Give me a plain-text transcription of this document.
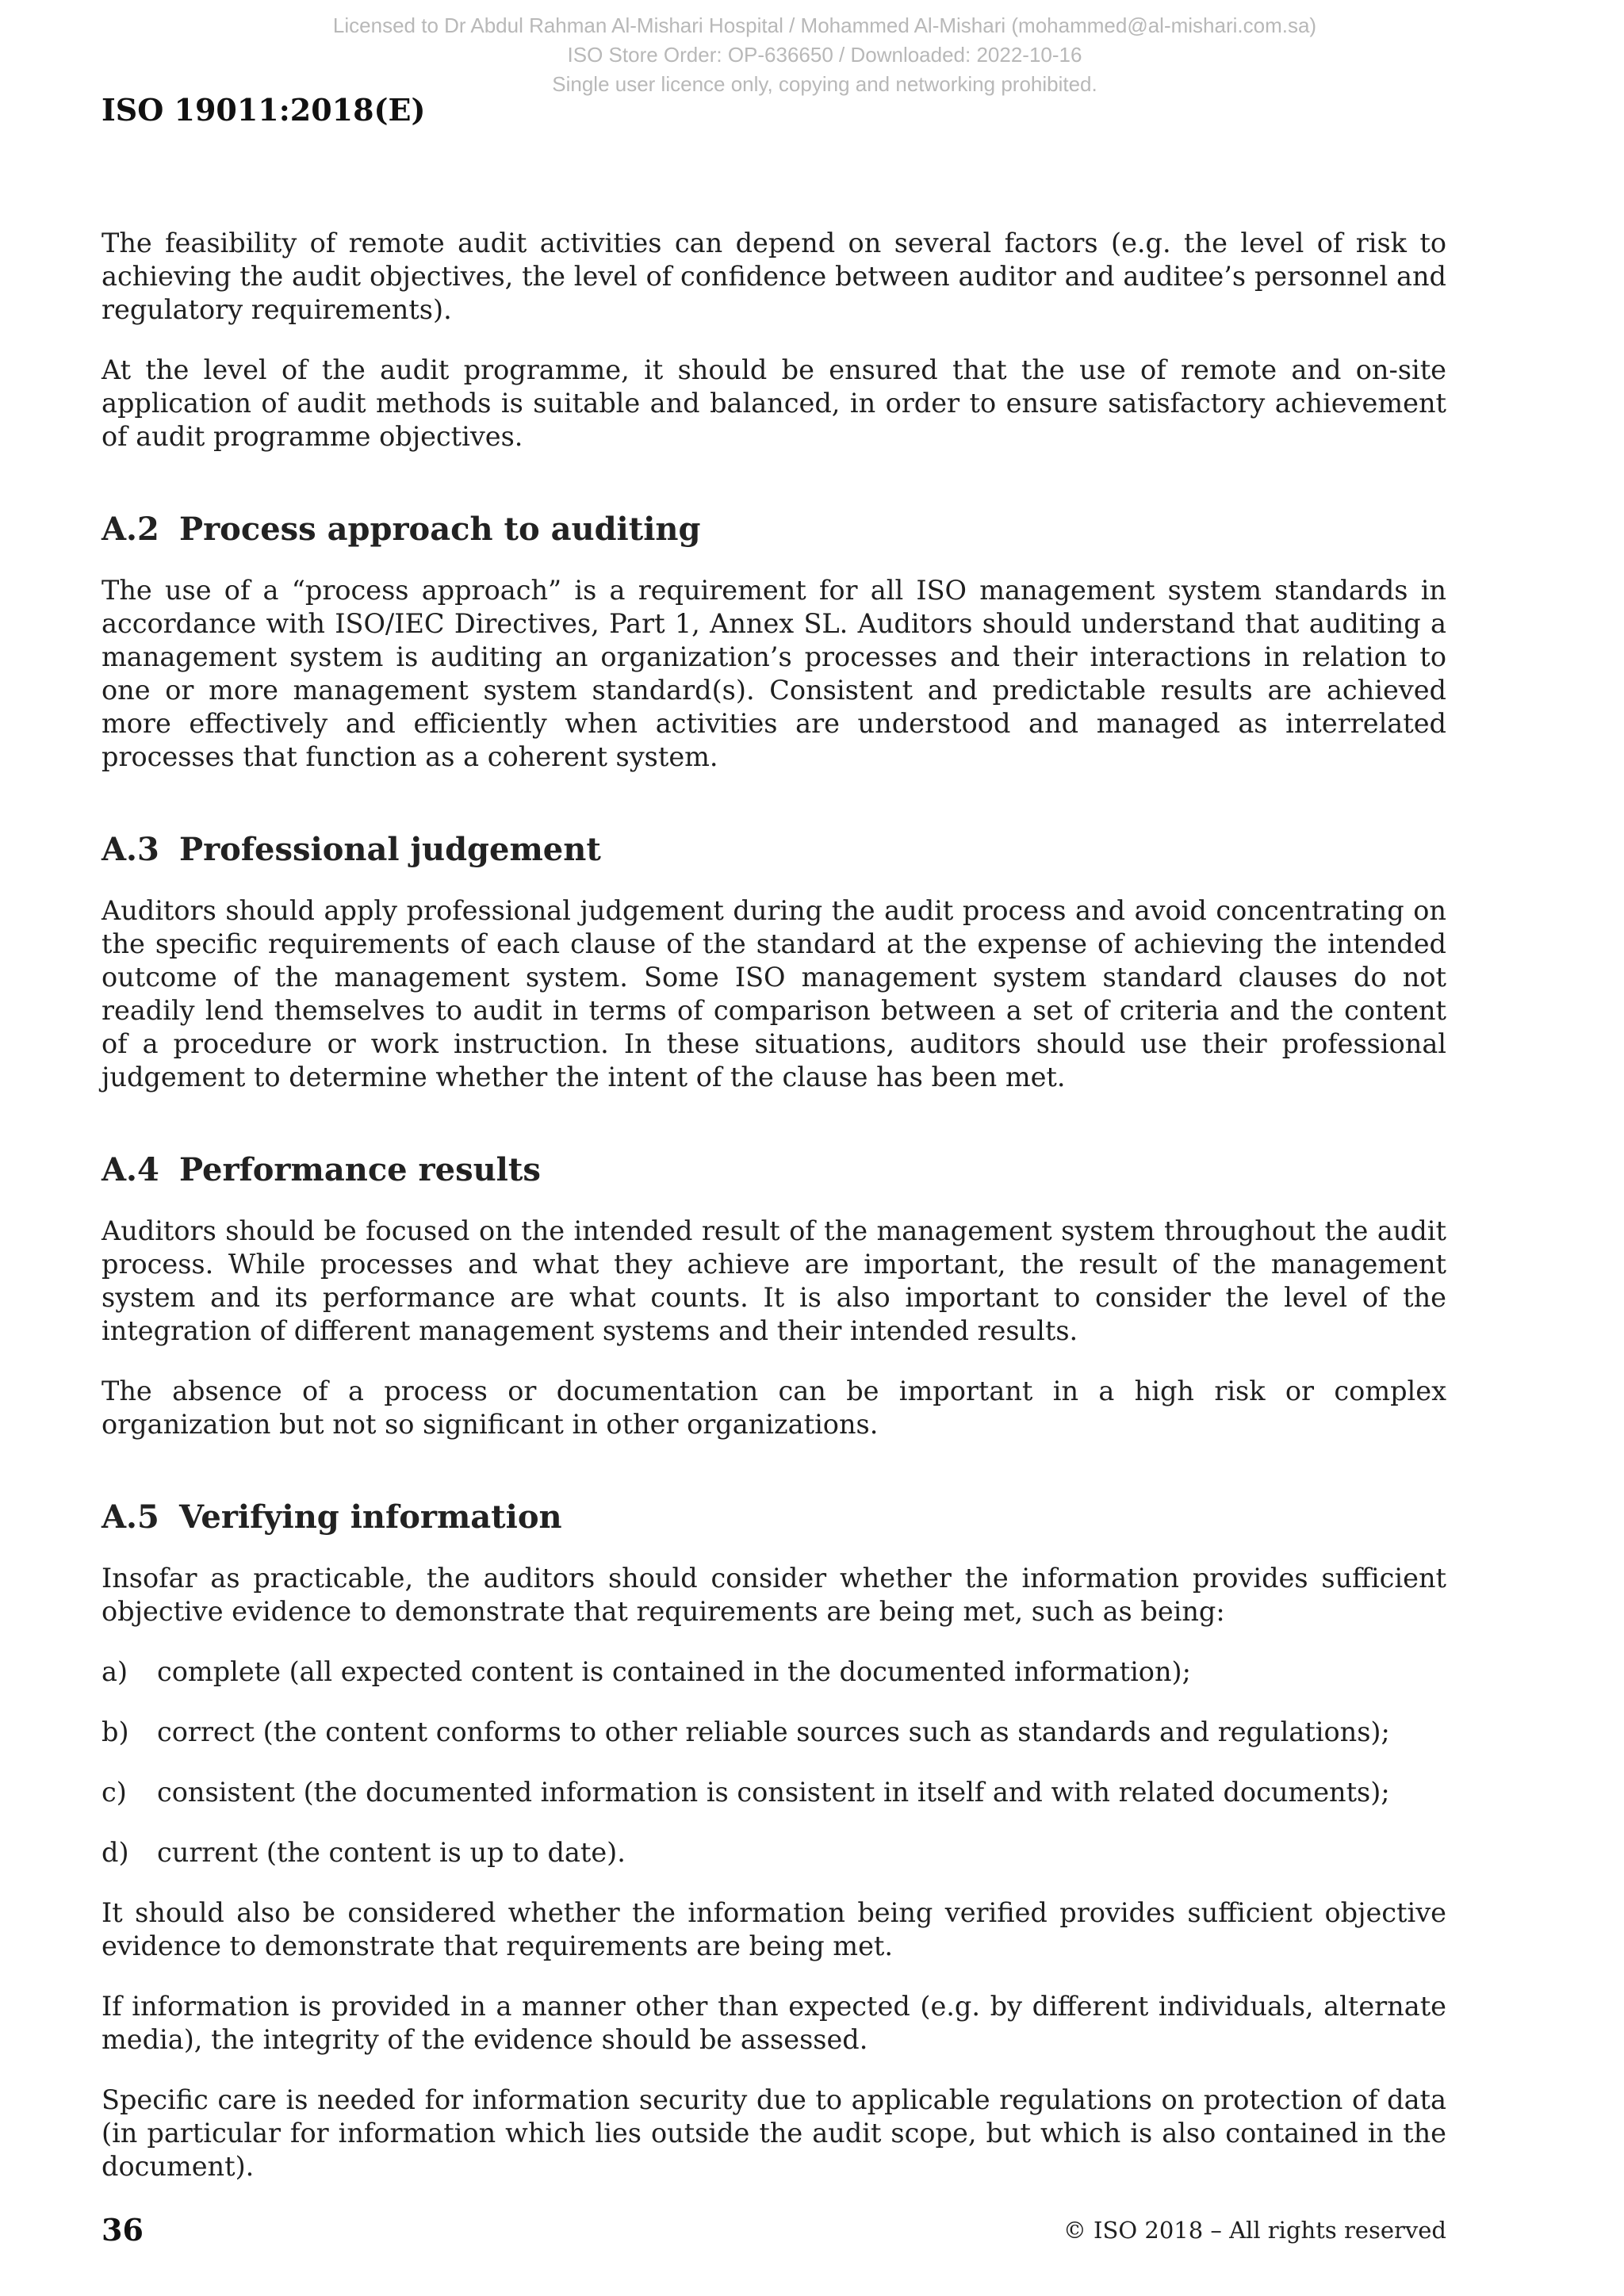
Licensed to Dr Abdul Rahman Al-Mishari Hospital / Mohammed Al-Mishari (mohammed@al-mishari.com.sa)
ISO Store Order: OP-636650 / Downloaded: 2022-10-16
Single user licence only, copying and networking prohibited.
ISO 19011:2018(E)

The feasibility of remote audit activities can depend on several factors (e.g. the level of risk to achieving the audit objectives, the level of confidence between auditor and auditee’s personnel and regulatory requirements).

At the level of the audit programme, it should be ensured that the use of remote and on-site application of audit methods is suitable and balanced, in order to ensure satisfactory achievement of audit programme objectives.

A.2 Process approach to auditing

The use of a “process approach” is a requirement for all ISO management system standards in accordance with ISO/IEC Directives, Part 1, Annex SL. Auditors should understand that auditing a management system is auditing an organization’s processes and their interactions in relation to one or more management system standard(s). Consistent and predictable results are achieved more effectively and efficiently when activities are understood and managed as interrelated processes that function as a coherent system.

A.3 Professional judgement

Auditors should apply professional judgement during the audit process and avoid concentrating on the specific requirements of each clause of the standard at the expense of achieving the intended outcome of the management system. Some ISO management system standard clauses do not readily lend themselves to audit in terms of comparison between a set of criteria and the content of a procedure or work instruction. In these situations, auditors should use their professional judgement to determine whether the intent of the clause has been met.

A.4 Performance results

Auditors should be focused on the intended result of the management system throughout the audit process. While processes and what they achieve are important, the result of the management system and its performance are what counts. It is also important to consider the level of the integration of different management systems and their intended results.

The absence of a process or documentation can be important in a high risk or complex organization but not so significant in other organizations.

A.5 Verifying information

Insofar as practicable, the auditors should consider whether the information provides sufficient objective evidence to demonstrate that requirements are being met, such as being:

a)	complete (all expected content is contained in the documented information);
b)	correct (the content conforms to other reliable sources such as standards and regulations);
c)	consistent (the documented information is consistent in itself and with related documents);
d)	current (the content is up to date).

It should also be considered whether the information being verified provides sufficient objective evidence to demonstrate that requirements are being met.

If information is provided in a manner other than expected (e.g. by different individuals, alternate media), the integrity of the evidence should be assessed.

Specific care is needed for information security due to applicable regulations on protection of data (in particular for information which lies outside the audit scope, but which is also contained in the document).

36	© ISO 2018 – All rights reserved
